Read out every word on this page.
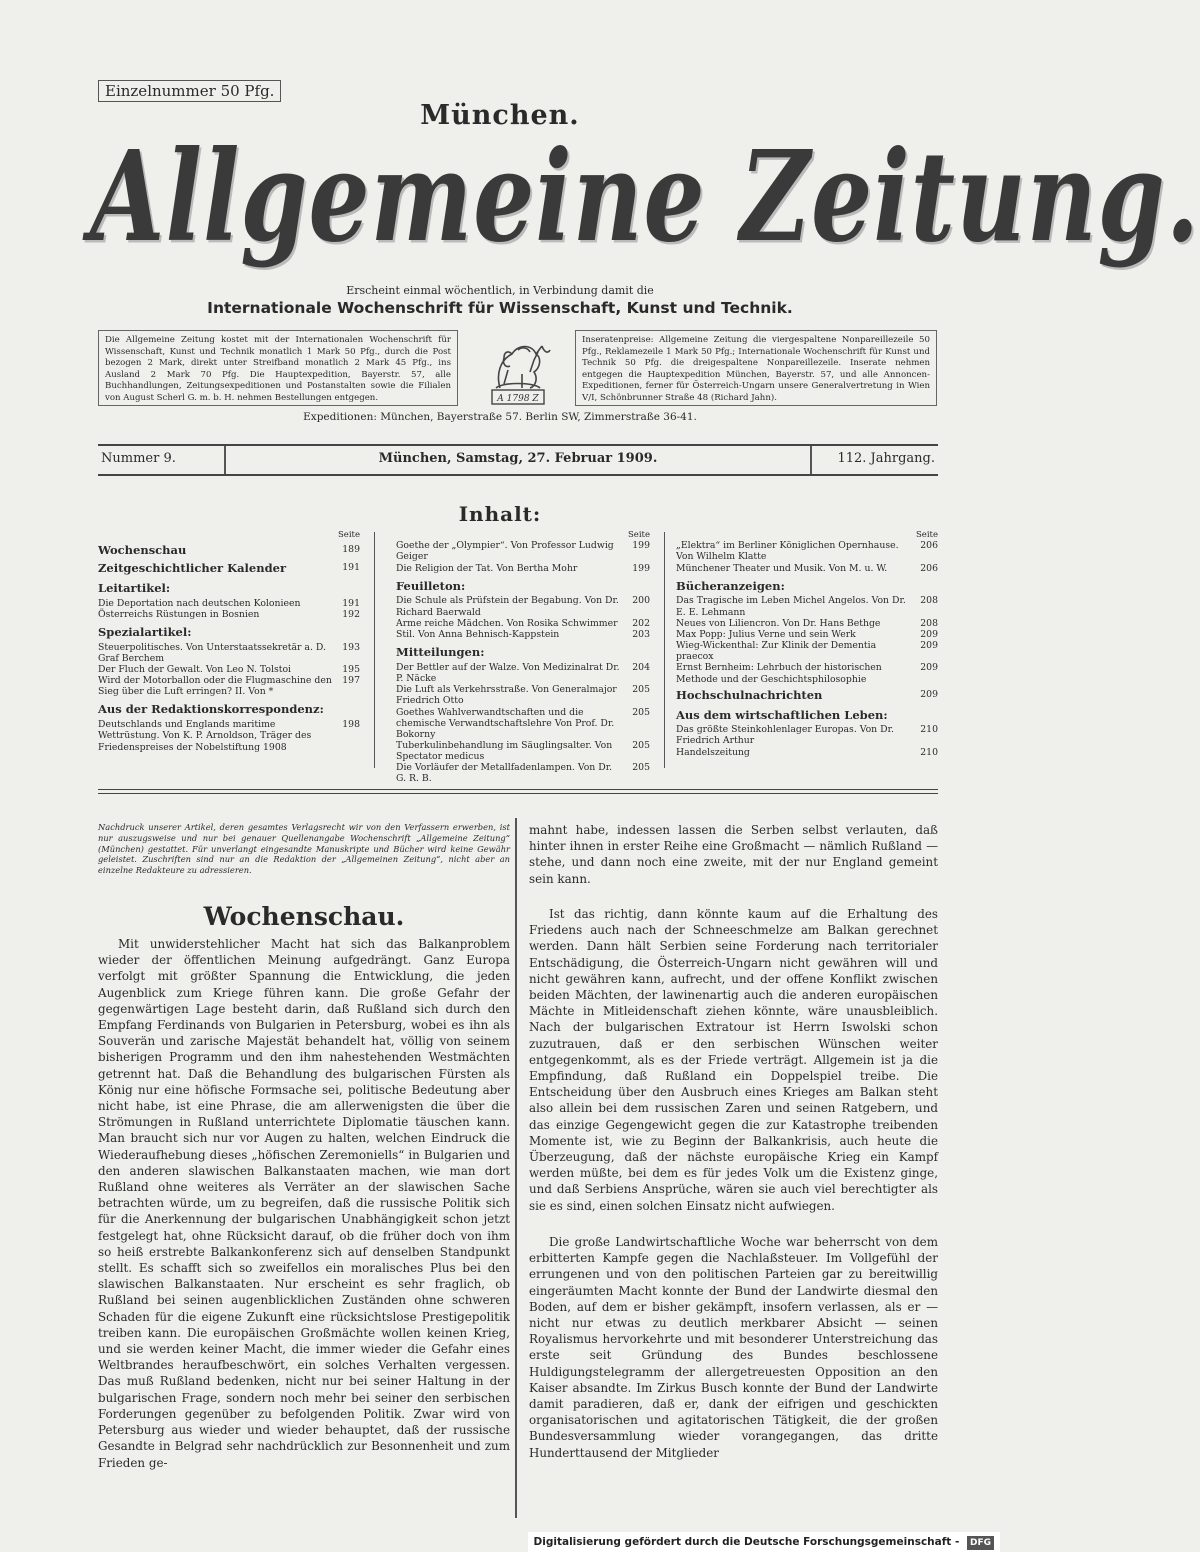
Einzelnummer 50 Pfg.
München.
Allgemeine Zeitung.
Erscheint einmal wöchentlich, in Verbindung damit die
Internationale Wochenschrift für Wissenschaft, Kunst und Technik.
Die Allgemeine Zeitung kostet mit der Internationalen Wochenschrift für Wissenschaft, Kunst und Technik monatlich 1 Mark 50 Pfg., durch die Post bezogen 2 Mark, direkt unter Streifband monatlich 2 Mark 45 Pfg., ins Ausland 2 Mark 70 Pfg. Die Hauptexpedition, Bayerstr. 57, alle Buchhandlungen, Zeitungsexpeditionen und Postanstalten sowie die Filialen von August Scherl G. m. b. H. nehmen Bestellungen entgegen.	A 1798 Z
Inseratenpreise: Allgemeine Zeitung die viergespaltene Nonpareillezeile 50 Pfg., Reklamezeile 1 Mark 50 Pfg.; Internationale Wochenschrift für Kunst und Technik 50 Pfg. die dreigespaltene Nonpareillezeile. Inserate nehmen entgegen die Hauptexpedition München, Bayerstr. 57, und alle Annoncen-Expeditionen, ferner für Österreich-Ungarn unsere Generalvertretung in Wien V/I, Schönbrunner Straße 48 (Richard Jahn).
Expeditionen: München, Bayerstraße 57. Berlin SW, Zimmerstraße 36-41.
Nummer 9.	München, Samstag, 27. Februar 1909.	112. Jahrgang.
Inhalt:
Seite
Wochenschau	189
Zeitgeschichtlicher Kalender	191
Leitartikel:
Die Deportation nach deutschen Kolonieen	191
Österreichs Rüstungen in Bosnien	192
Spezialartikel:
Steuerpolitisches. Von Unterstaatssekretär a. D. Graf Berchem
193
Der Fluch der Gewalt. Von Leo N. Tolstoi	195
Wird der Motorballon oder die Flugmaschine den Sieg über die Luft erringen? II. Von *
197
Aus der Redaktionskorrespondenz:
Deutschlands und Englands maritime Wettrüstung. Von K. P. Arnoldson, Träger des Friedenspreises der Nobelstiftung 1908
198
Seite
Goethe der „Olympier“. Von Professor Ludwig Geiger
199
Die Religion der Tat. Von Bertha Mohr	199
Feuilleton:
Die Schule als Prüfstein der Begabung. Von Dr. Richard Baerwald
200
Arme reiche Mädchen. Von Rosika Schwimmer	202
Stil. Von Anna Behnisch-Kappstein	203
Mitteilungen:
Der Bettler auf der Walze. Von Medizinalrat Dr. P. Näcke
204
Die Luft als Verkehrsstraße. Von Generalmajor Friedrich Otto
205
Goethes Wahlverwandtschaften und die chemische Verwandtschaftslehre Von Prof. Dr. Bokorny
205
Tuberkulinbehandlung im Säuglingsalter. Von Spectator medicus
205
Die Vorläufer der Metallfadenlampen. Von Dr. G. R. B.
205
Seite
„Elektra“ im Berliner Königlichen Opernhause. Von Wilhelm Klatte
206
Münchener Theater und Musik. Von M. u. W.	206
Bücheranzeigen:
Das Tragische im Leben Michel Angelos. Von Dr. E. E. Lehmann
208
Neues von Liliencron. Von Dr. Hans Bethge	208
Max Popp: Julius Verne und sein Werk	209
Wieg-Wickenthal: Zur Klinik der Dementia praecox
209
Ernst Bernheim: Lehrbuch der historischen Methode und der Geschichtsphilosophie
209
Hochschulnachrichten	209
Aus dem wirtschaftlichen Leben:
Das größte Steinkohlenlager Europas. Von Dr. Friedrich Arthur
210
Handelszeitung	210
Nachdruck unserer Artikel, deren gesamtes Verlagsrecht wir von den Verfassern erwerben, ist nur auszugsweise und nur bei genauer Quellenangabe Wochenschrift „Allgemeine Zeitung“ (München) gestattet. Für unverlangt eingesandte Manuskripte und Bücher wird keine Gewähr geleistet. Zuschriften sind nur an die Redaktion der „Allgemeinen Zeitung“, nicht aber an einzelne Redakteure zu adressieren.
Wochenschau.

Mit unwiderstehlicher Macht hat sich das Balkanproblem wieder der öffentlichen Meinung aufgedrängt. Ganz Europa verfolgt mit größter Spannung die Entwicklung, die jeden Augenblick zum Kriege führen kann. Die große Gefahr der gegenwärtigen Lage besteht darin, daß Rußland sich durch den Empfang Ferdinands von Bulgarien in Petersburg, wobei es ihn als Souverän und zarische Majestät behandelt hat, völlig von seinem bisherigen Programm und den ihm nahestehenden Westmächten getrennt hat. Daß die Behandlung des bulgarischen Fürsten als König nur eine höfische Formsache sei, politische Bedeutung aber nicht habe, ist eine Phrase, die am allerwenigsten die über die Strömungen in Rußland unterrichtete Diplomatie täuschen kann. Man braucht sich nur vor Augen zu halten, welchen Eindruck die Wiederaufhebung dieses „höfischen Zeremoniells“ in Bulgarien und den anderen slawischen Balkanstaaten machen, wie man dort Rußland ohne weiteres als Verräter an der slawischen Sache betrachten würde, um zu begreifen, daß die russische Politik sich für die Anerkennung der bulgarischen Unabhängigkeit schon jetzt festgelegt hat, ohne Rücksicht darauf, ob die früher doch von ihm so heiß erstrebte Balkankonferenz sich auf denselben Standpunkt stellt. Es schafft sich so zweifellos ein moralisches Plus bei den slawischen Balkanstaaten. Nur erscheint es sehr fraglich, ob Rußland bei seinen augenblicklichen Zuständen ohne schweren Schaden für die eigene Zukunft eine rücksichtslose Prestigepolitik treiben kann. Die europäischen Großmächte wollen keinen Krieg, und sie werden keiner Macht, die immer wieder die Gefahr eines Weltbrandes heraufbeschwört, ein solches Verhalten vergessen. Das muß Rußland bedenken, nicht nur bei seiner Haltung in der bulgarischen Frage, sondern noch mehr bei seiner den serbischen Forderungen gegenüber zu befolgenden Politik. Zwar wird von Petersburg aus wieder und wieder behauptet, daß der russische Gesandte in Belgrad sehr nachdrücklich zur Besonnenheit und zum Frieden ge-

mahnt habe, indessen lassen die Serben selbst verlauten, daß hinter ihnen in erster Reihe eine Großmacht — nämlich Rußland — stehe, und dann noch eine zweite, mit der nur England gemeint sein kann.

Ist das richtig, dann könnte kaum auf die Erhaltung des Friedens auch nach der Schneeschmelze am Balkan gerechnet werden. Dann hält Serbien seine Forderung nach territorialer Entschädigung, die Österreich-Ungarn nicht gewähren will und nicht gewähren kann, aufrecht, und der offene Konflikt zwischen beiden Mächten, der lawinenartig auch die anderen europäischen Mächte in Mitleidenschaft ziehen könnte, wäre unausbleiblich. Nach der bulgarischen Extratour ist Herrn Iswolski schon zuzutrauen, daß er den serbischen Wünschen weiter entgegenkommt, als es der Friede verträgt. Allgemein ist ja die Empfindung, daß Rußland ein Doppelspiel treibe. Die Entscheidung über den Ausbruch eines Krieges am Balkan steht also allein bei dem russischen Zaren und seinen Ratgebern, und das einzige Gegengewicht gegen die zur Katastrophe treibenden Momente ist, wie zu Beginn der Balkankrisis, auch heute die Überzeugung, daß der nächste europäische Krieg ein Kampf werden müßte, bei dem es für jedes Volk um die Existenz ginge, und daß Serbiens Ansprüche, wären sie auch viel berechtigter als sie es sind, einen solchen Einsatz nicht aufwiegen.

Die große Landwirtschaftliche Woche war beherrscht von dem erbitterten Kampfe gegen die Nachlaßsteuer. Im Vollgefühl der errungenen und von den politischen Parteien gar zu bereitwillig eingeräumten Macht konnte der Bund der Landwirte diesmal den Boden, auf dem er bisher gekämpft, insofern verlassen, als er — nicht nur etwas zu deutlich merkbarer Absicht — seinen Royalismus hervorkehrte und mit besonderer Unterstreichung das erste seit Gründung des Bundes beschlossene Huldigungstelegramm der allergetreuesten Opposition an den Kaiser absandte. Im Zirkus Busch konnte der Bund der Landwirte damit paradieren, daß er, dank der eifrigen und geschickten organisatorischen und agitatorischen Tätigkeit, die der großen Bundesversammlung wieder vorangegangen, das dritte Hunderttausend der Mitglieder

Digitalisierung gefördert durch die Deutsche Forschungsgemeinschaft - DFG
